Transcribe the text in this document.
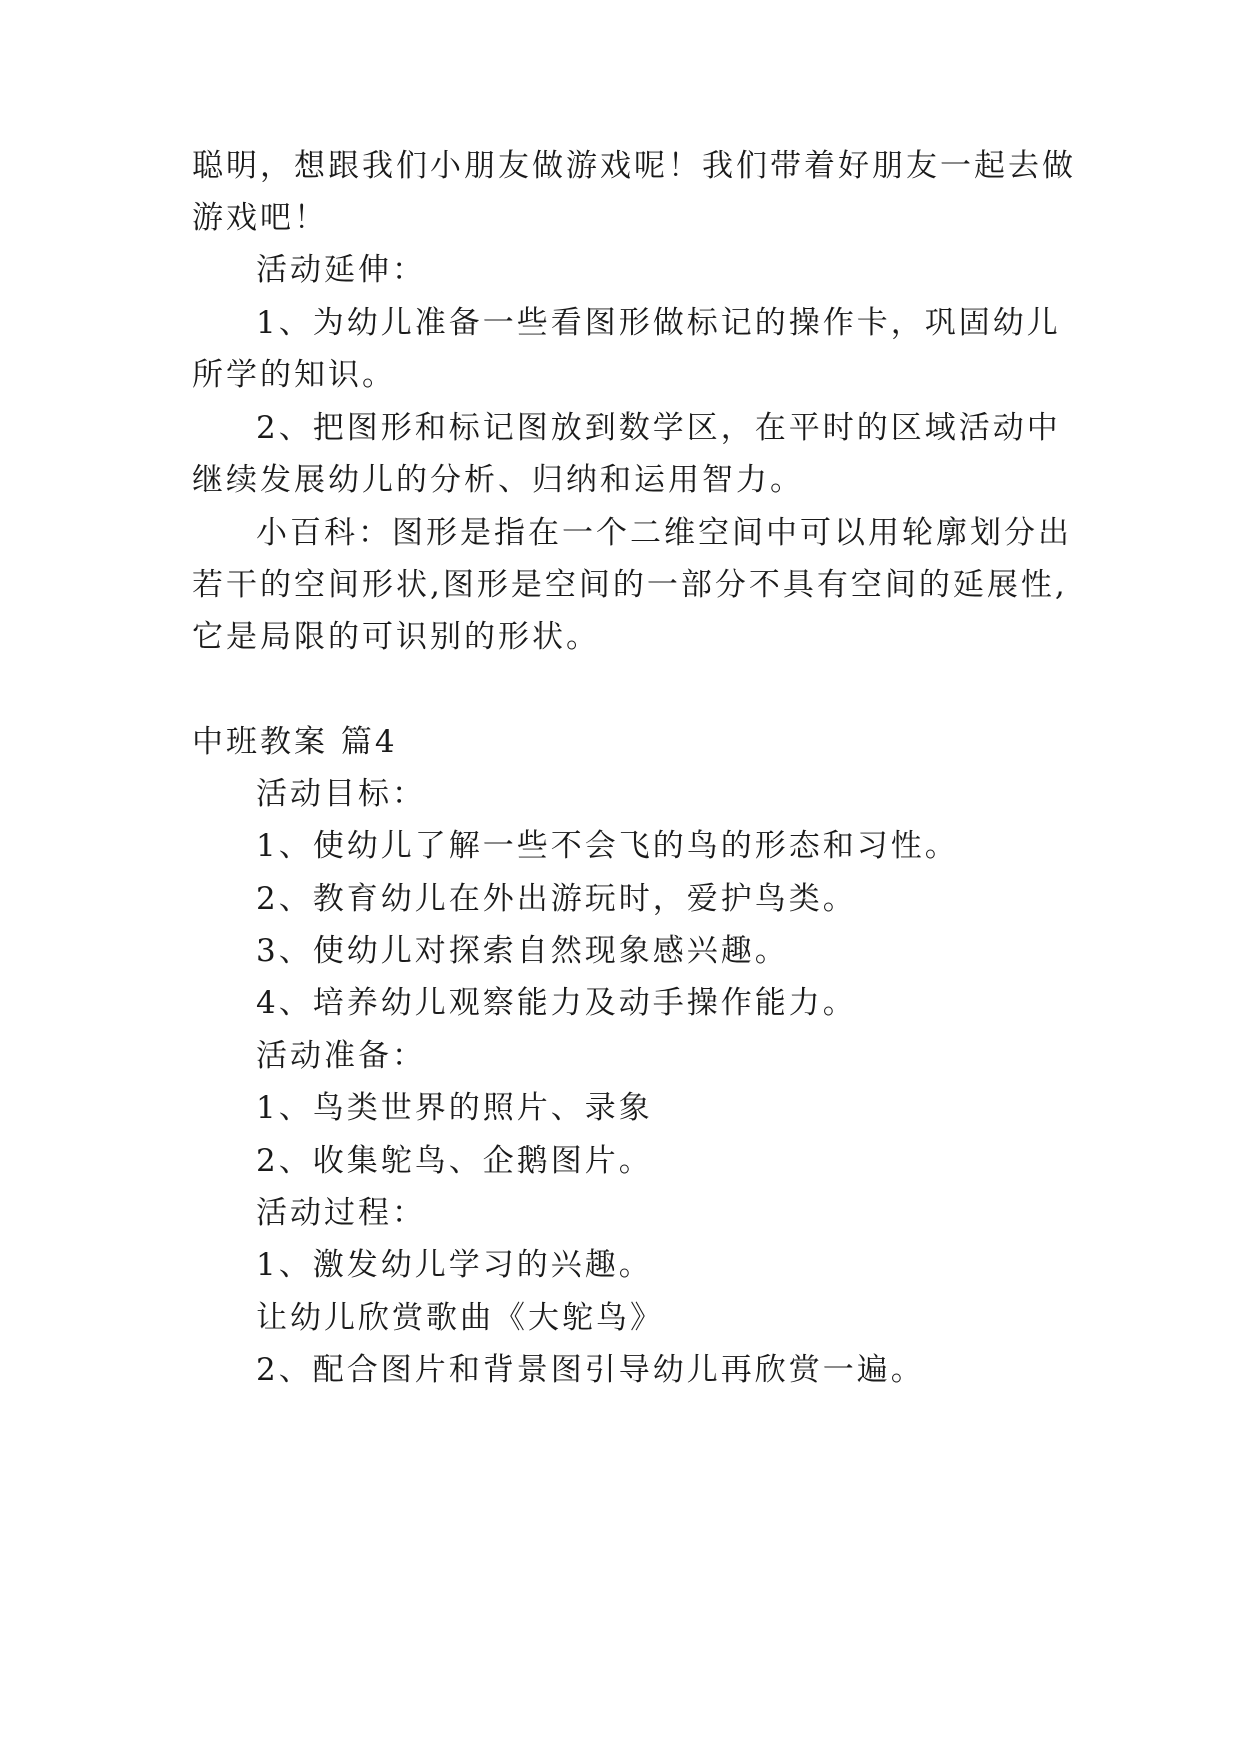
聪明，想跟我们小朋友做游戏呢！我们带着好朋友一起去做
游戏吧！
活动延伸：
1、为幼儿准备一些看图形做标记的操作卡，巩固幼儿
所学的知识。
2、把图形和标记图放到数学区，在平时的区域活动中
继续发展幼儿的分析、归纳和运用智力。
小百科：图形是指在一个二维空间中可以用轮廓划分出
若干的空间形状,图形是空间的一部分不具有空间的延展性,
它是局限的可识别的形状。
中班教案 篇4
活动目标：
1、使幼儿了解一些不会飞的鸟的形态和习性。
2、教育幼儿在外出游玩时，爱护鸟类。
3、使幼儿对探索自然现象感兴趣。
4、培养幼儿观察能力及动手操作能力。
活动准备：
1、鸟类世界的照片、录象
2、收集鸵鸟、企鹅图片。
活动过程：
1、激发幼儿学习的兴趣。
让幼儿欣赏歌曲《大鸵鸟》
2、配合图片和背景图引导幼儿再欣赏一遍。
